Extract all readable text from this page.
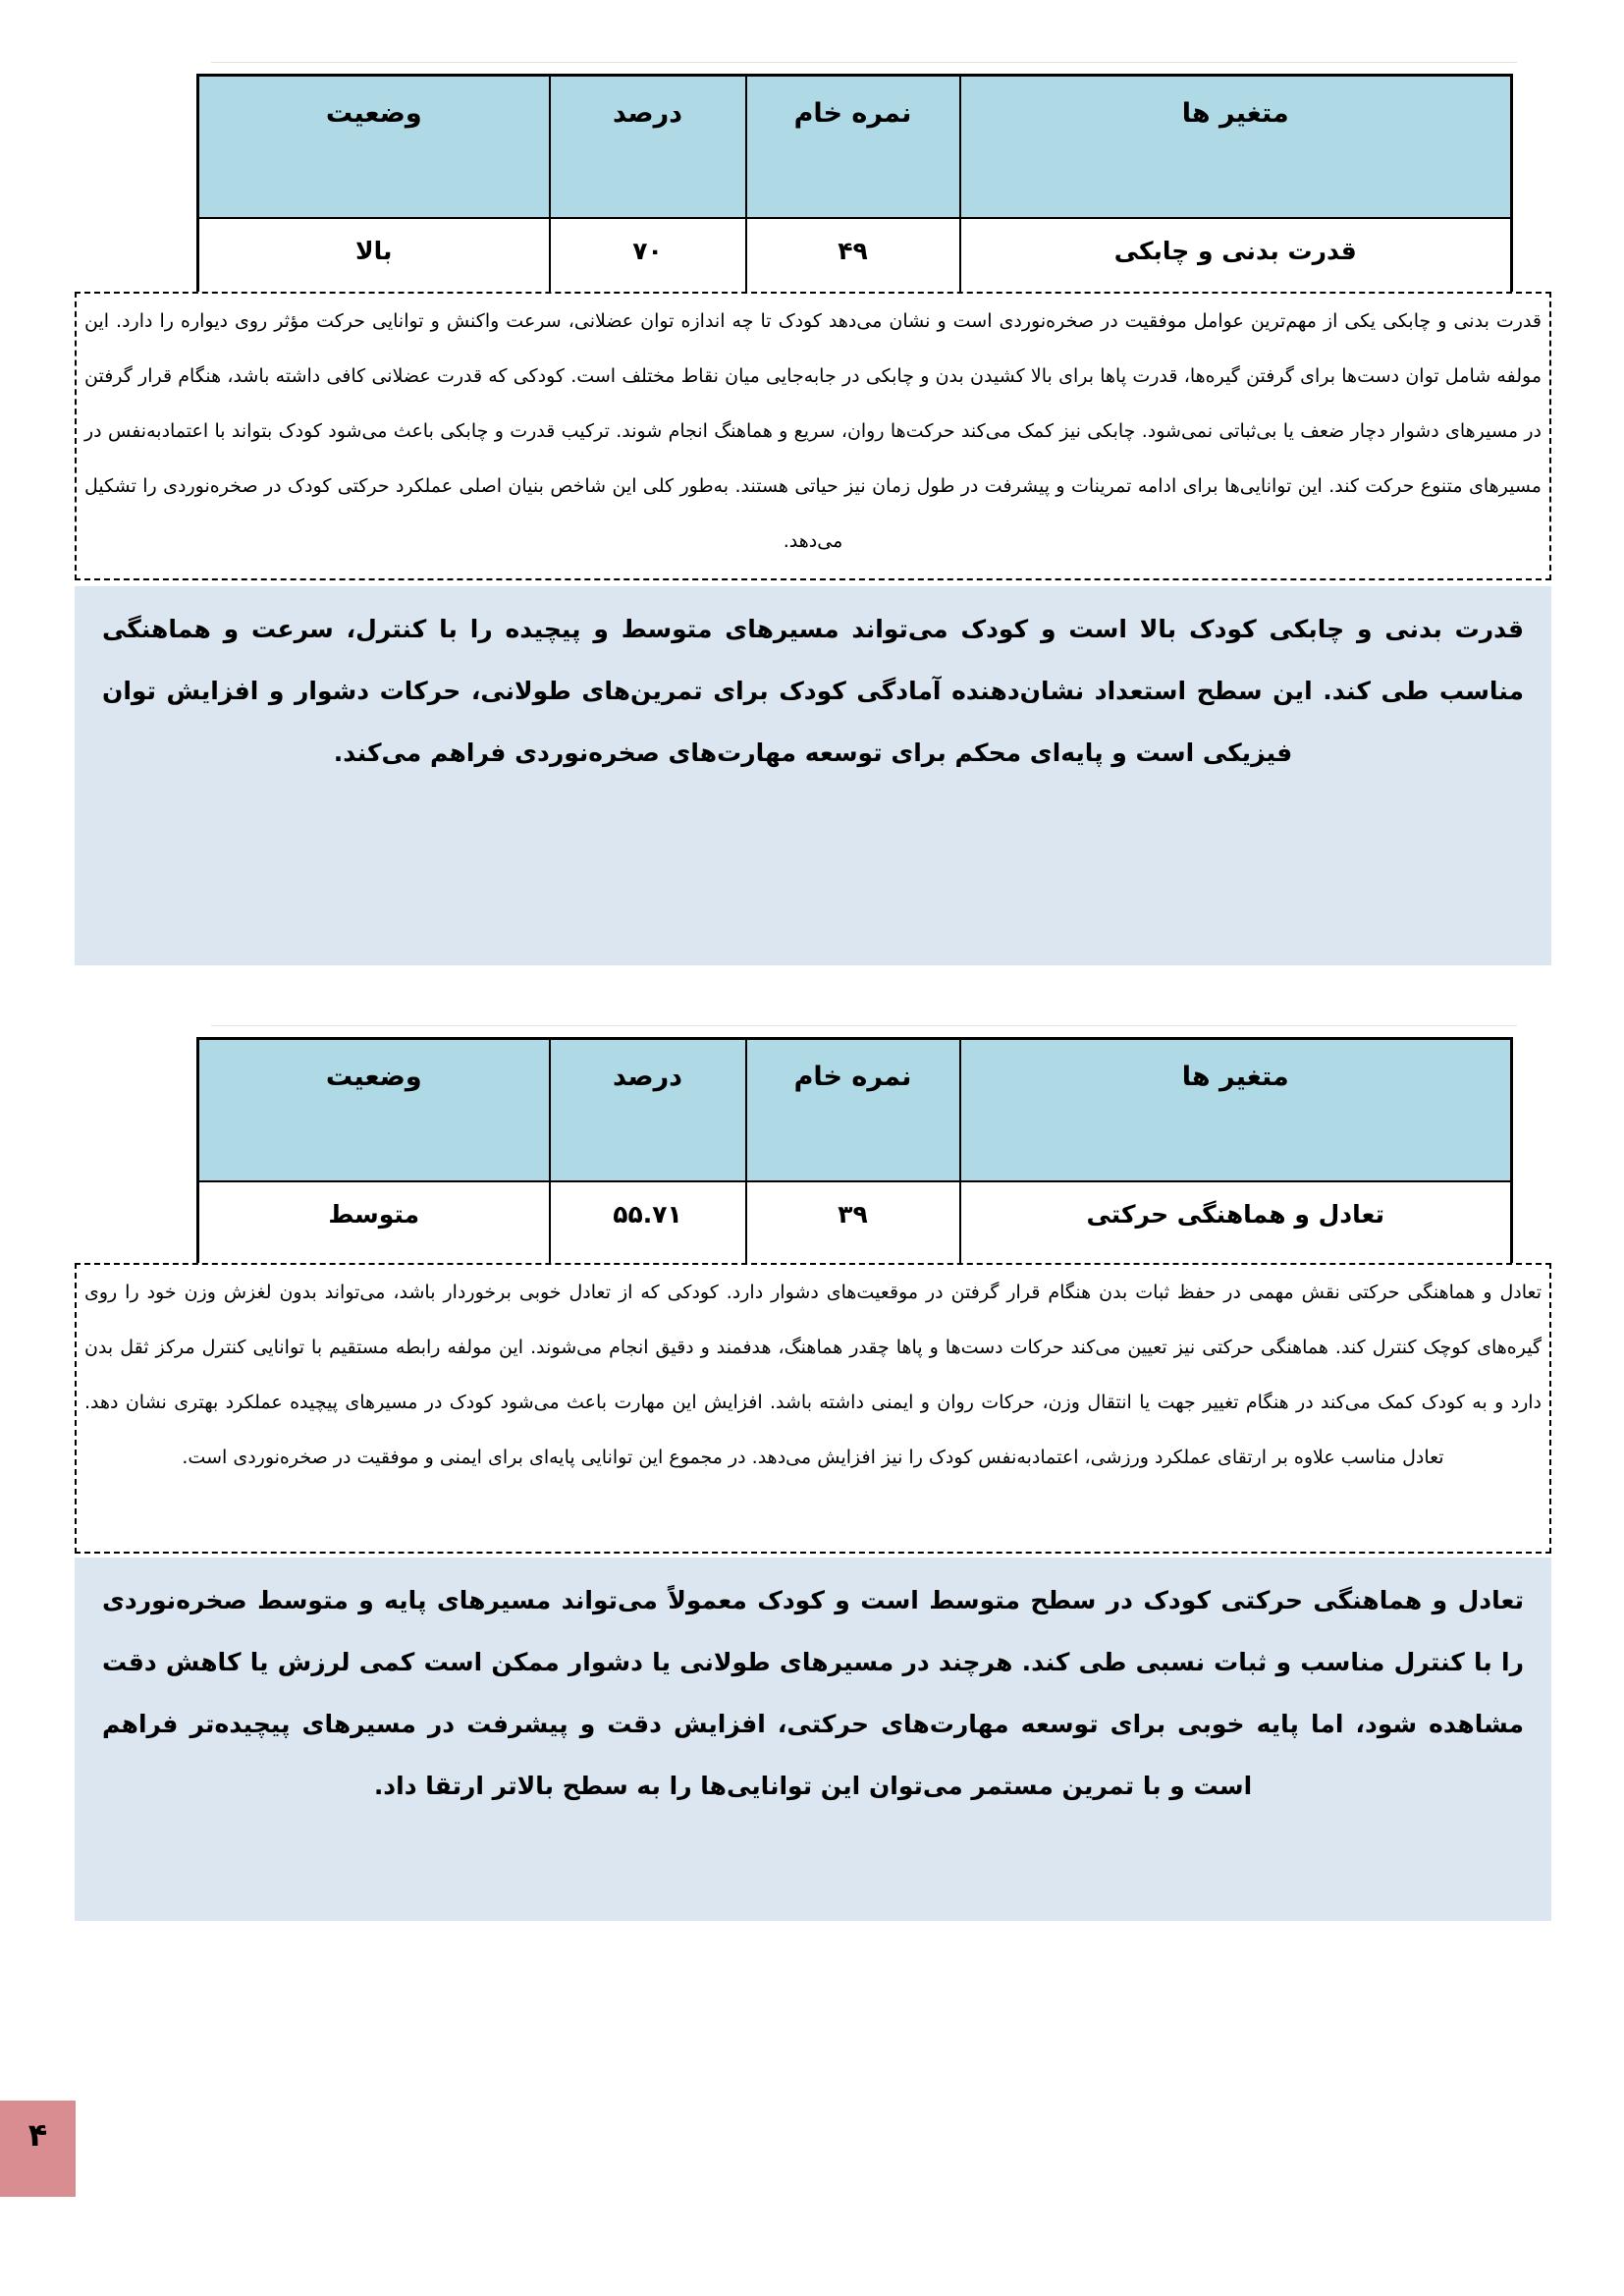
متغیر ها	نمره خام	درصد	وضعیت
قدرت بدنی و چابکی	۴۹	۷۰	بالا

قدرت بدنی و چابکی یکی از مهم‌ترین عوامل موفقیت در صخره‌نوردی است و نشان می‌دهد کودک تا چه اندازه توان عضلانی، سرعت واکنش و توانایی حرکت مؤثر روی دیواره را دارد. این مولفه شامل توان دست‌ها برای گرفتن گیره‌ها، قدرت پاها برای بالا کشیدن بدن و چابکی در جابه‌جایی میان نقاط مختلف است. کودکی که قدرت عضلانی کافی داشته باشد، هنگام قرار گرفتن در مسیرهای دشوار دچار ضعف یا بی‌ثباتی نمی‌شود. چابکی نیز کمک می‌کند حرکت‌ها روان، سریع و هماهنگ انجام شوند. ترکیب قدرت و چابکی باعث می‌شود کودک بتواند با اعتمادبه‌نفس در مسیرهای متنوع حرکت کند. این توانایی‌ها برای ادامه تمرینات و پیشرفت در طول زمان نیز حیاتی هستند. به‌طور کلی این شاخص بنیان اصلی عملکرد حرکتی کودک در صخره‌نوردی را تشکیل می‌دهد.

قدرت بدنی و چابکی کودک بالا است و کودک می‌تواند مسیرهای متوسط و پیچیده را با کنترل، سرعت و هماهنگی مناسب طی کند. این سطح استعداد نشان‌دهنده آمادگی کودک برای تمرین‌های طولانی، حرکات دشوار و افزایش توان فیزیکی است و پایه‌ای محکم برای توسعه مهارت‌های صخره‌نوردی فراهم می‌کند.

متغیر ها	نمره خام	درصد	وضعیت
تعادل و هماهنگی حرکتی	۳۹	۵۵.۷۱	متوسط

تعادل و هماهنگی حرکتی نقش مهمی در حفظ ثبات بدن هنگام قرار گرفتن در موقعیت‌های دشوار دارد. کودکی که از تعادل خوبی برخوردار باشد، می‌تواند بدون لغزش وزن خود را روی گیره‌های کوچک کنترل کند. هماهنگی حرکتی نیز تعیین می‌کند حرکات دست‌ها و پاها چقدر هماهنگ، هدفمند و دقیق انجام می‌شوند. این مولفه رابطه مستقیم با توانایی کنترل مرکز ثقل بدن دارد و به کودک کمک می‌کند در هنگام تغییر جهت یا انتقال وزن، حرکات روان و ایمنی داشته باشد. افزایش این مهارت باعث می‌شود کودک در مسیرهای پیچیده عملکرد بهتری نشان دهد. تعادل مناسب علاوه بر ارتقای عملکرد ورزشی، اعتمادبه‌نفس کودک را نیز افزایش می‌دهد. در مجموع این توانایی پایه‌ای برای ایمنی و موفقیت در صخره‌نوردی است.

تعادل و هماهنگی حرکتی کودک در سطح متوسط است و کودک معمولاً می‌تواند مسیرهای پایه و متوسط صخره‌نوردی را با کنترل مناسب و ثبات نسبی طی کند. هرچند در مسیرهای طولانی یا دشوار ممکن است کمی لرزش یا کاهش دقت مشاهده شود، اما پایه خوبی برای توسعه مهارت‌های حرکتی، افزایش دقت و پیشرفت در مسیرهای پیچیده‌تر فراهم است و با تمرین مستمر می‌توان این توانایی‌ها را به سطح بالاتر ارتقا داد.

۴
